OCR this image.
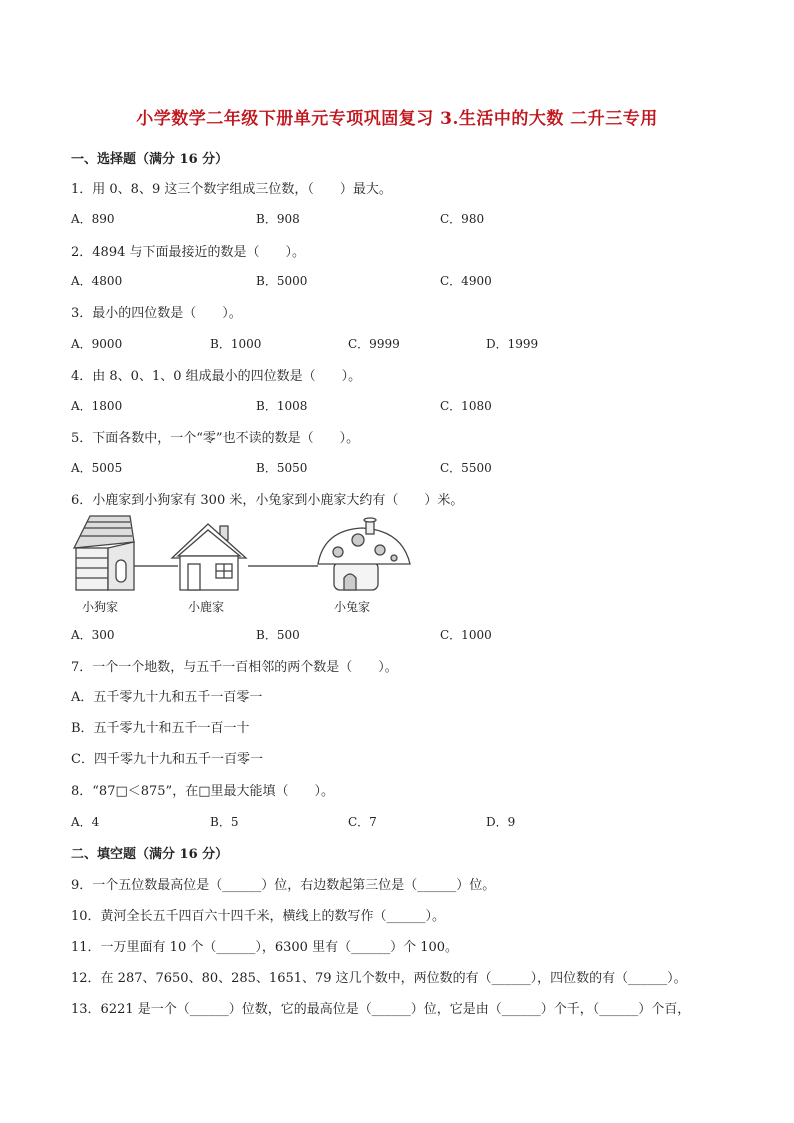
小学数学二年级下册单元专项巩固复习 3.生活中的大数 二升三专用
一、选择题（满分 16 分）
1．用 0、8、9 这三个数字组成三位数，（　　）最大。
A．890	B．908	C．980
2．4894 与下面最接近的数是（　　）。
A．4800	B．5000	C．4900
3．最小的四位数是（　　）。
A．9000	B．1000	C．9999	D．1999
4．由 8、0、1、0 组成最小的四位数是（　　）。
A．1800	B．1008	C．1080
5．下面各数中，一个“零”也不读的数是（　　）。
A．5005	B．5050	C．5500
6．小鹿家到小狗家有 300 米，小兔家到小鹿家大约有（　　）米。
小狗家	小鹿家	小兔家
A．300	B．500	C．1000
7．一个一个地数，与五千一百相邻的两个数是（　　）。
A．五千零九十九和五千一百零一
B．五千零九十和五千一百一十
C．四千零九十九和五千一百零一
8．“87□＜875”，在□里最大能填（　　）。
A．4	B．5	C．7	D．9
二、填空题（满分 16 分）
9．一个五位数最高位是（______）位，右边数起第三位是（______）位。
10．黄河全长五千四百六十四千米，横线上的数写作（______）。
11．一万里面有 10 个（______），6300 里有（______）个 100。
12．在 287、7650、80、285、1651、79 这几个数中，两位数的有（______），四位数的有（______）。
13．6221 是一个（______）位数，它的最高位是（______）位，它是由（______）个千，（______）个百，
